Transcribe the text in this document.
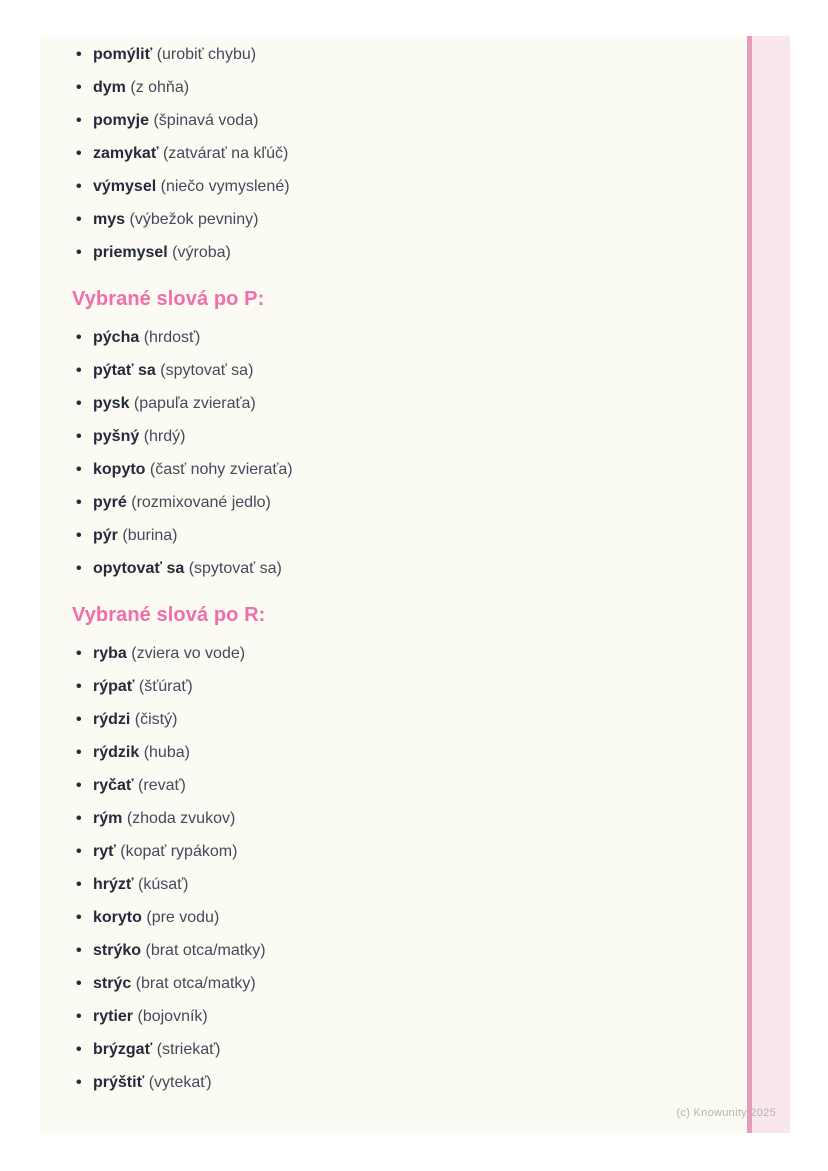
• pomýliť (urobiť chybu)
• dym (z ohňa)
• pomyje (špinavá voda)
• zamykať (zatvárať na kľúč)
• výmysel (niečo vymyslené)
• mys (výbežok pevniny)
• priemysel (výroba)
Vybrané slová po P:
• pýcha (hrdosť)
• pýtať sa (spytovať sa)
• pysk (papuľa zvieraťa)
• pyšný (hrdý)
• kopyto (časť nohy zvieraťa)
• pyré (rozmixované jedlo)
• pýr (burina)
• opytovať sa (spytovať sa)
Vybrané slová po R:
• ryba (zviera vo vode)
• rýpať (šťúrať)
• rýdzi (čistý)
• rýdzik (huba)
• ryčať (revať)
• rým (zhoda zvukov)
• ryť (kopať rypákom)
• hrýzť (kúsať)
• koryto (pre vodu)
• strýko (brat otca/matky)
• strýc (brat otca/matky)
• rytier (bojovník)
• brýzgať (striekať)
• prýštiť (vytekať)
(c) Knowunity 2025
